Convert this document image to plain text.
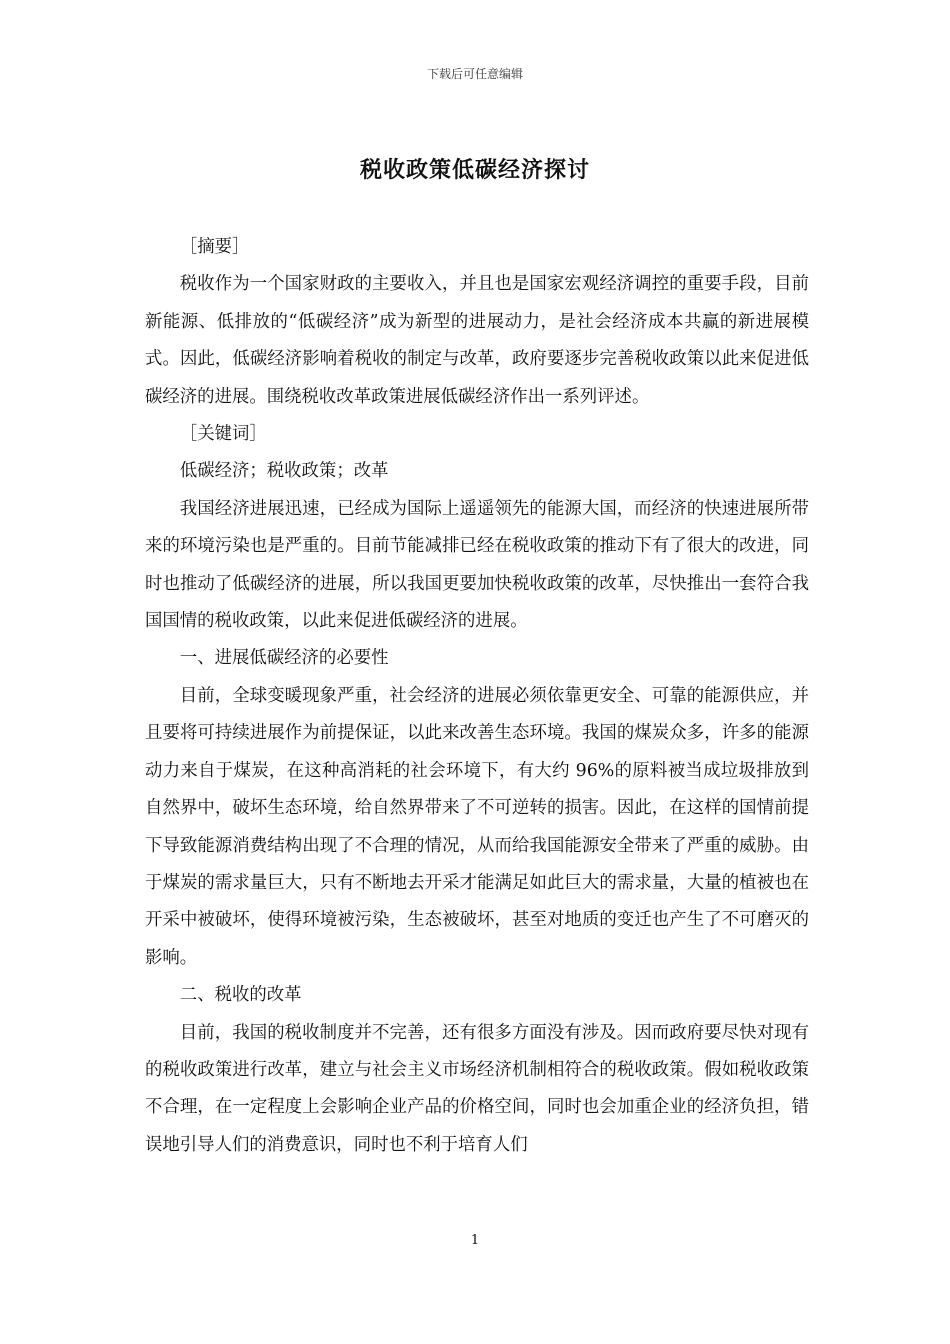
下载后可任意编辑
税收政策低碳经济探讨

［摘要］

税收作为一个国家财政的主要收入，并且也是国家宏观经济调控的重要手段，目前新能源、低排放的“低碳经济”成为新型的进展动力，是社会经济成本共赢的新进展模式。因此，低碳经济影响着税收的制定与改革，政府要逐步完善税收政策以此来促进低碳经济的进展。围绕税收改革政策进展低碳经济作出一系列评述。

［关键词］

低碳经济；税收政策；改革

我国经济进展迅速，已经成为国际上遥遥领先的能源大国，而经济的快速进展所带来的环境污染也是严重的。目前节能减排已经在税收政策的推动下有了很大的改进，同时也推动了低碳经济的进展，所以我国更要加快税收政策的改革，尽快推出一套符合我国国情的税收政策，以此来促进低碳经济的进展。

一、进展低碳经济的必要性

目前，全球变暖现象严重，社会经济的进展必须依靠更安全、可靠的能源供应，并且要将可持续进展作为前提保证，以此来改善生态环境。我国的煤炭众多，许多的能源动力来自于煤炭，在这种高消耗的社会环境下，有大约 96%的原料被当成垃圾排放到自然界中，破坏生态环境，给自然界带来了不可逆转的损害。因此，在这样的国情前提下导致能源消费结构出现了不合理的情况，从而给我国能源安全带来了严重的威胁。由于煤炭的需求量巨大，只有不断地去开采才能满足如此巨大的需求量，大量的植被也在开采中被破坏，使得环境被污染，生态被破坏，甚至对地质的变迁也产生了不可磨灭的影响。

二、税收的改革

目前，我国的税收制度并不完善，还有很多方面没有涉及。因而政府要尽快对现有的税收政策进行改革，建立与社会主义市场经济机制相符合的税收政策。假如税收政策不合理，在一定程度上会影响企业产品的价格空间，同时也会加重企业的经济负担，错误地引导人们的消费意识，同时也不利于培育人们

1
